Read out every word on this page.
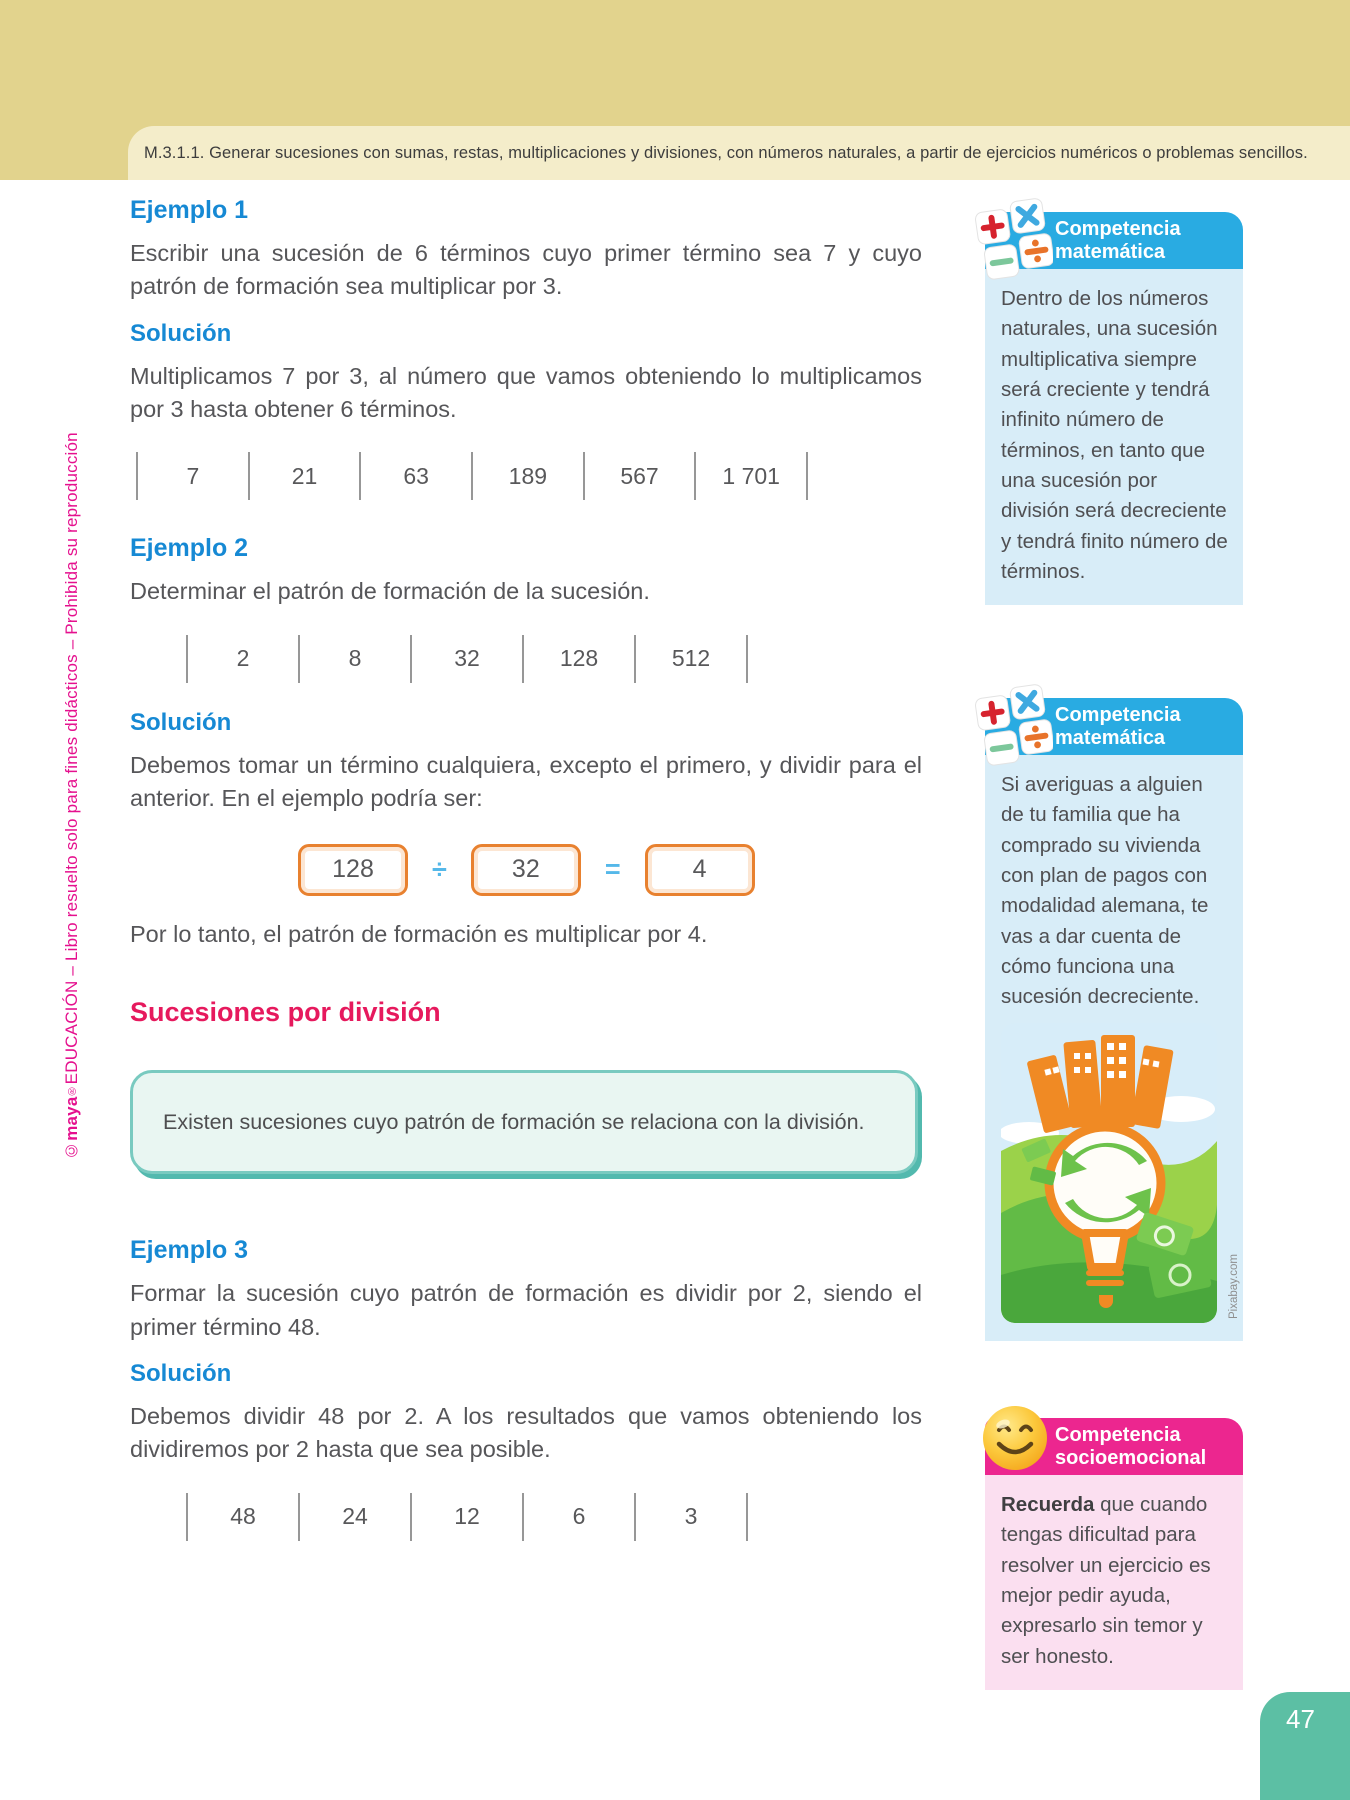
M.3.1.1. Generar sucesiones con sumas, restas, multiplicaciones y divisiones, con números naturales, a partir de ejercicios numéricos o problemas sencillos.
©maya®EDUCACIÓN – Libro resuelto solo para fines didácticos – Prohibida su reproducción
Ejemplo 1

Escribir una sucesión de 6 términos cuyo primer término sea 7 y cuyo patrón de formación sea multiplicar por 3.

Solución

Multiplicamos 7 por 3, al número que vamos obteniendo lo multiplicamos por 3 hasta obtener 6 términos.

7	21	63	189	567	1 701
Ejemplo 2

Determinar el patrón de formación de la sucesión.

2	8	32	128	512
Solución

Debemos tomar un término cualquiera, excepto el primero, y dividir para el anterior. En el ejemplo podría ser:

128	÷	32	=	4

Por lo tanto, el patrón de formación es multiplicar por 4.

Sucesiones por división

Existen sucesiones cuyo patrón de formación se relaciona con la división.

Ejemplo 3

Formar la sucesión cuyo patrón de formación es dividir por 2, siendo el primer término 48.

Solución

Debemos dividir 48 por 2. A los resultados que vamos obteniendo los dividiremos por 2 hasta que sea posible.

48	24	12	6	3
Competencia
matemática
Dentro de los números naturales, una sucesión multiplicativa siempre será creciente y tendrá infinito número de términos, en tanto que una sucesión por división será decreciente y tendrá finito número de términos.
Competencia
matemática
Si averiguas a alguien de tu familia que ha comprado su vivienda con plan de pagos con modalidad alemana, te vas a dar cuenta de cómo funciona una sucesión decreciente.
Pixabay.com
Competencia
socioemocional
Recuerda que cuando tengas dificultad para resolver un ejercicio es mejor pedir ayuda, expresarlo sin temor y ser honesto.
47
